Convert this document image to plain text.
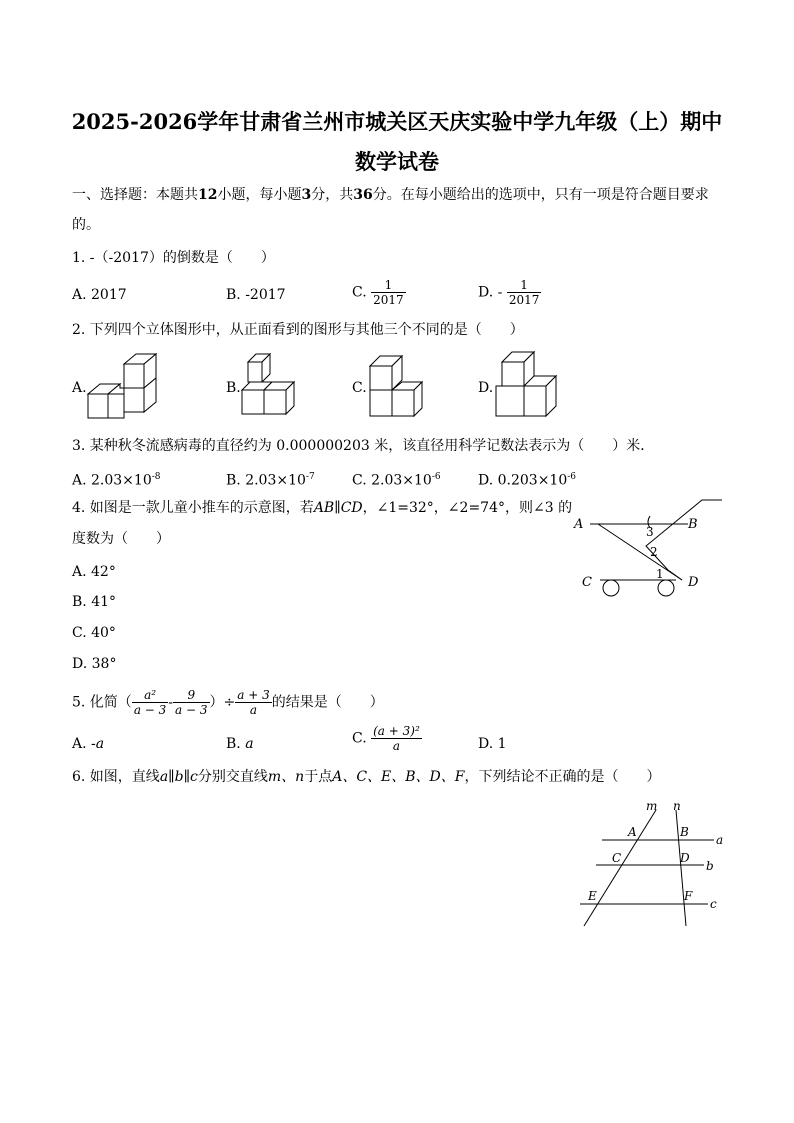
2025-2026学年甘肃省兰州市城关区天庆实验中学九年级（上）期中
数学试卷
一、选择题：本题共12小题，每小题3分，共36分。在每小题给出的选项中，只有一项是符合题目要求
的。
1. -（-2017）的倒数是（　　）
A. 2017	B. -2017	C. $\frac{1}{2017}$	D. - $\frac{1}{2017}$
2. 下列四个立体图形中，从正面看到的图形与其他三个不同的是（　　）
A.	B.	C.	D.
3. 某种秋冬流感病毒的直径约为 0.000000203 米，该直径用科学记数法表示为（　　）米．
A. $2.03\times 10^{-8}$	B. $2.03\times 10^{-7}$	C. $2.03\times 10^{-6}$	D. $0.203\times 10^{-6}$
4. 如图是一款儿童小推车的示意图，若AB∥CD，∠1=32°，∠2=74°，则∠3 的
度数为（　　）
A. 42°
B. 41°
C. 40°
D. 38°
A	B
C	D
1
2
3
5. 化简（ $\frac{\text{a²}}{a - 3} - \frac{9}{a - 3}$ ）÷ $\frac{a + 3}{a}$ 的结果是（　　）
A. -a	B. a	C. $\frac{\text{(a + 3)²}}{a}$	D. 1
6. 如图，直线a∥b∥c分别交直线m、n于点A、C、E、B、D、F，下列结论不正确的是（　　）
m n
A	B
C	D
E	F
a
b
c
